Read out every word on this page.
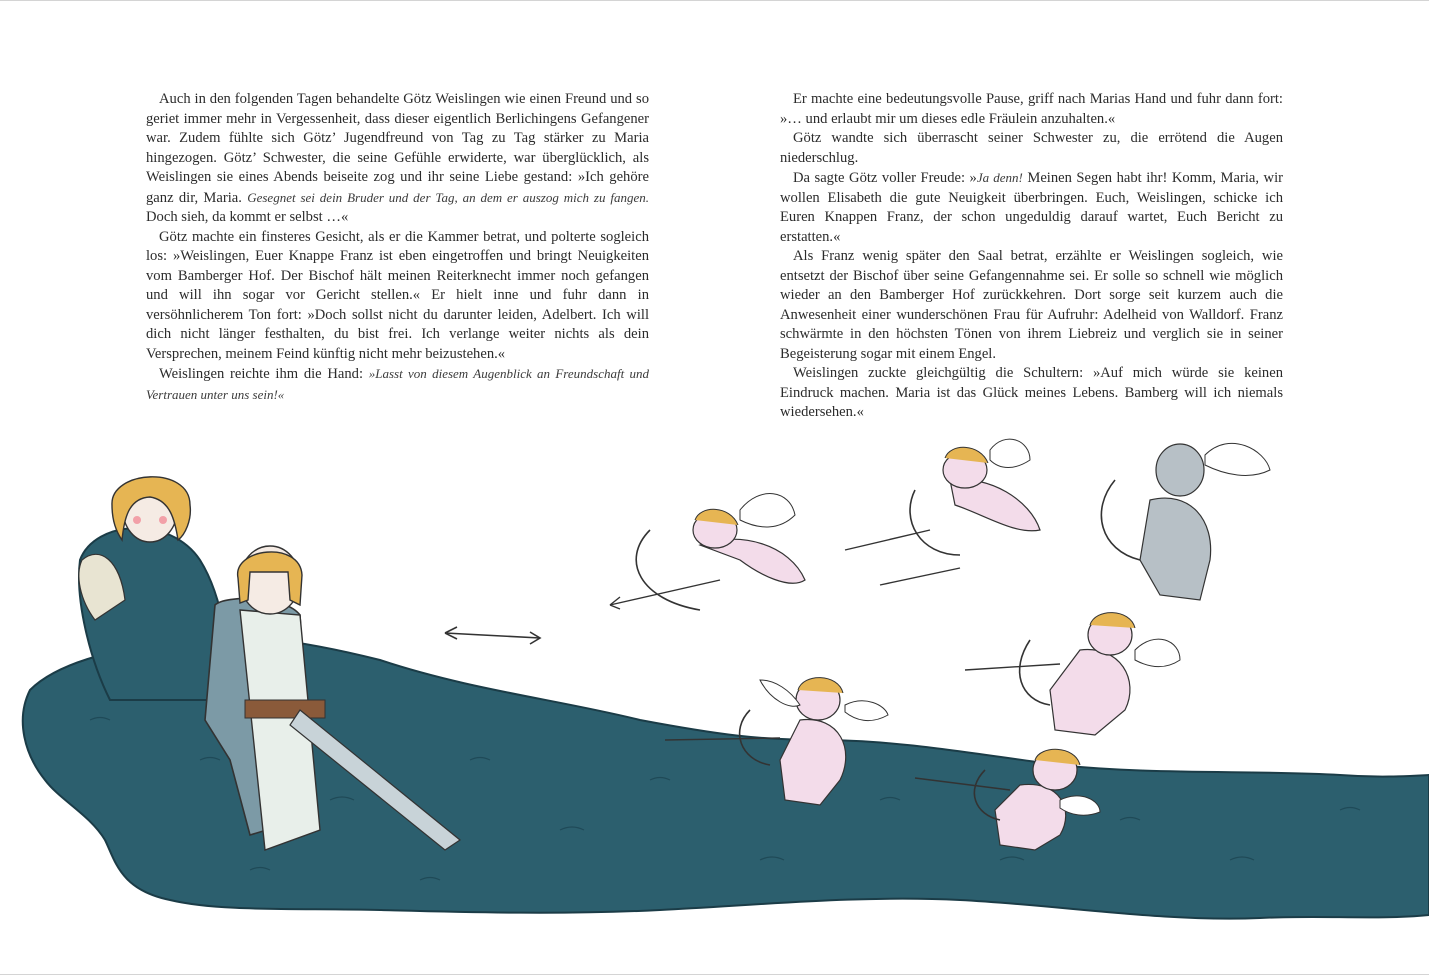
Auch in den folgenden Tagen behandelte Götz Weislingen wie einen Freund und so geriet immer mehr in Vergessenheit, dass dieser eigentlich Berlichingens Gefangener war. Zudem fühlte sich Götz’ Jugendfreund von Tag zu Tag stärker zu Maria hingezogen. Götz’ Schwester, die seine Gefühle erwiderte, war überglücklich, als Weislingen sie eines Abends beiseite zog und ihr seine Liebe gestand: »Ich gehöre ganz dir, Maria. Gesegnet sei dein Bruder und der Tag, an dem er auszog mich zu fangen. Doch sieh, da kommt er selbst …«

Götz machte ein finsteres Gesicht, als er die Kammer betrat, und polterte sogleich los: »Weislingen, Euer Knappe Franz ist eben eingetroffen und bringt Neuigkeiten vom Bamberger Hof. Der Bischof hält meinen Reiterknecht immer noch gefangen und will ihn sogar vor Gericht stellen.« Er hielt inne und fuhr dann in versöhnlicherem Ton fort: »Doch sollst nicht du darunter leiden, Adelbert. Ich will dich nicht länger festhalten, du bist frei. Ich verlange weiter nichts als dein Versprechen, meinem Feind künftig nicht mehr beizustehen.«

Weislingen reichte ihm die Hand: »Lasst von diesem Augenblick an Freundschaft und Vertrauen unter uns sein!«

Er machte eine bedeutungsvolle Pause, griff nach Marias Hand und fuhr dann fort: »… und erlaubt mir um dieses edle Fräulein anzuhalten.«

Götz wandte sich überrascht seiner Schwester zu, die errötend die Augen niederschlug.

Da sagte Götz voller Freude: »Ja denn! Meinen Segen habt ihr! Komm, Maria, wir wollen Elisabeth die gute Neuigkeit überbringen. Euch, Weislingen, schicke ich Euren Knappen Franz, der schon ungeduldig darauf wartet, Euch Bericht zu erstatten.«

Als Franz wenig später den Saal betrat, erzählte er Weislingen sogleich, wie entsetzt der Bischof über seine Gefangennahme sei. Er solle so schnell wie möglich wieder an den Bamberger Hof zurückkehren. Dort sorge seit kurzem auch die Anwesenheit einer wunderschönen Frau für Aufruhr: Adelheid von Walldorf. Franz schwärmte in den höchsten Tönen von ihrem Liebreiz und verglich sie in seiner Begeisterung sogar mit einem Engel.

Weislingen zuckte gleichgültig die Schultern: »Auf mich würde sie keinen Eindruck machen. Maria ist das Glück meines Lebens. Bamberg will ich niemals wiedersehen.«
